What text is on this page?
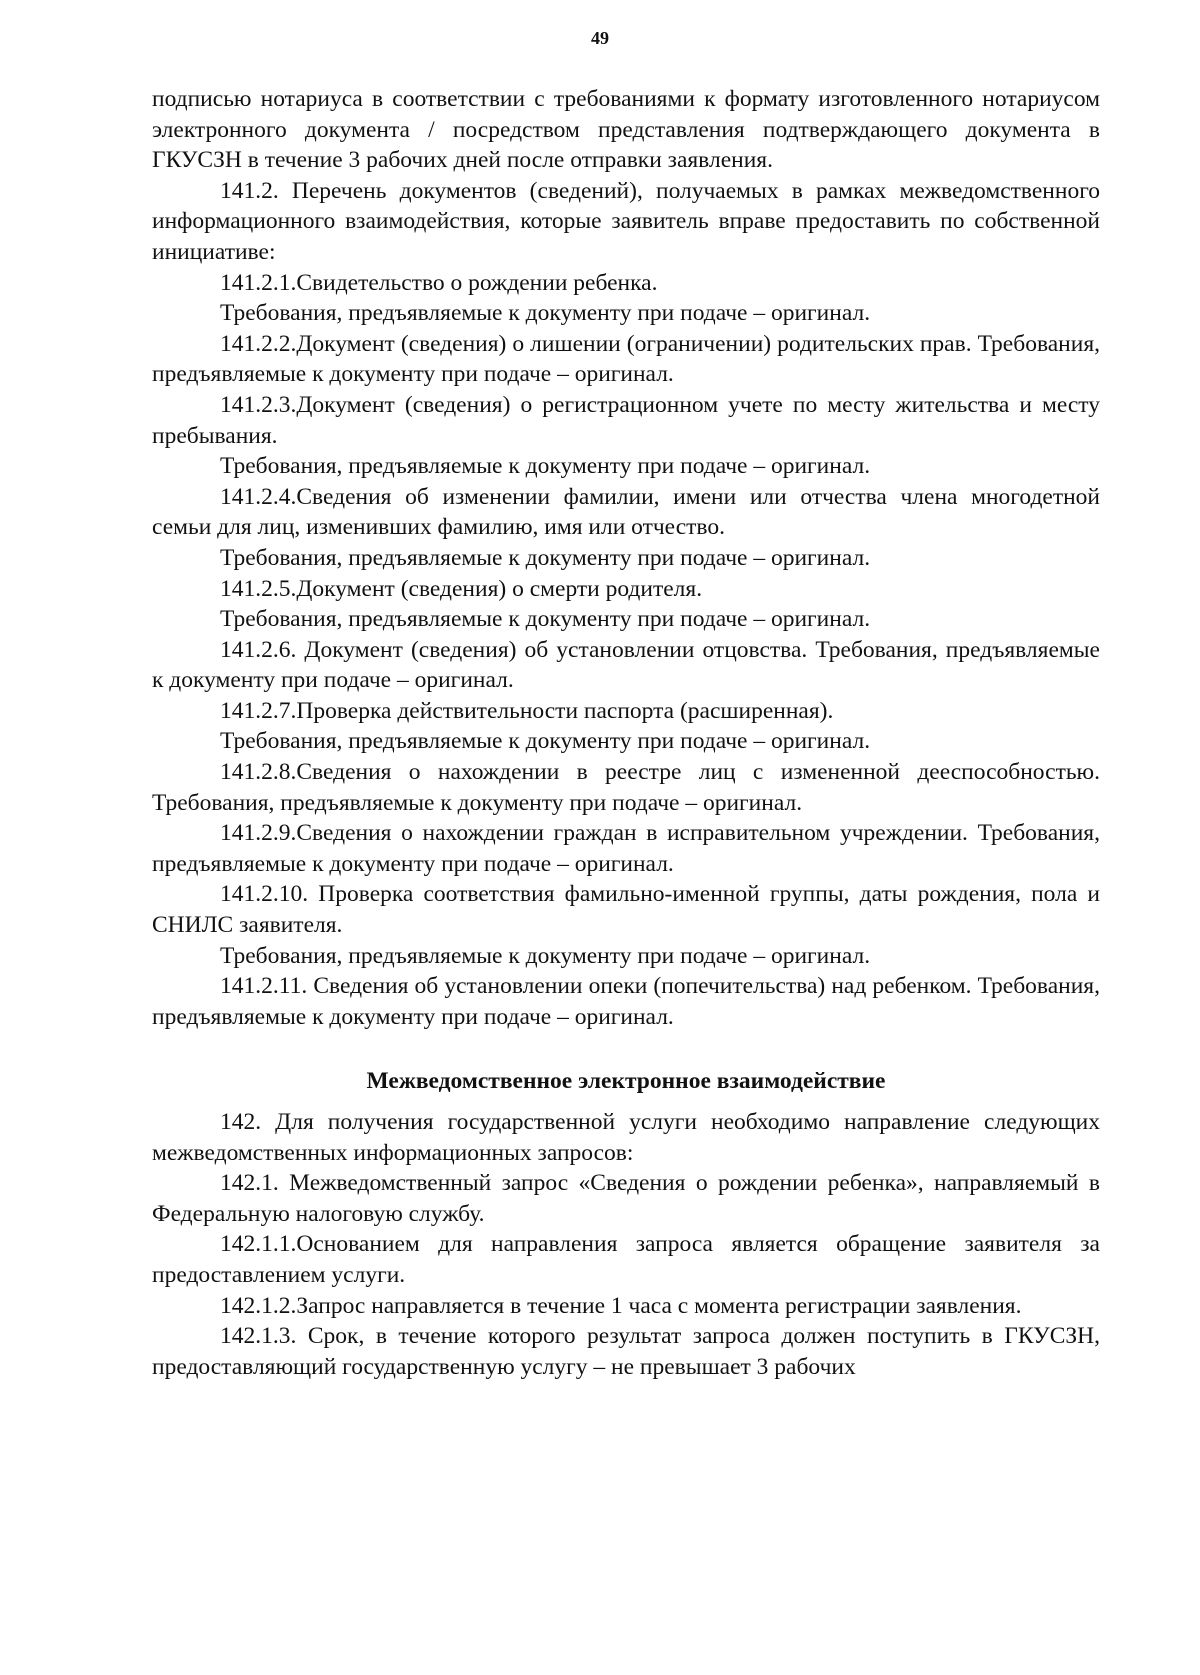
49

подписью нотариуса в соответствии с требованиями к формату изготовленного нотариусом электронного документа / посредством представления подтверждающего документа в ГКУСЗН в течение 3 рабочих дней после отправки заявления.

141.2. Перечень документов (сведений), получаемых в рамках межведомственного информационного взаимодействия, которые заявитель вправе предоставить по собственной инициативе:

141.2.1.Свидетельство о рождении ребенка.

Требования, предъявляемые к документу при подаче – оригинал.

141.2.2.Документ (сведения) о лишении (ограничении) родительских прав. Требования, предъявляемые к документу при подаче – оригинал.

141.2.3.Документ (сведения) о регистрационном учете по месту жительства и месту пребывания.

Требования, предъявляемые к документу при подаче – оригинал.

141.2.4.Сведения об изменении фамилии, имени или отчества члена многодетной семьи для лиц, изменивших фамилию, имя или отчество.

Требования, предъявляемые к документу при подаче – оригинал.

141.2.5.Документ (сведения) о смерти родителя.

Требования, предъявляемые к документу при подаче – оригинал.

141.2.6. Документ (сведения) об установлении отцовства. Требования, предъявляемые к документу при подаче – оригинал.

141.2.7.Проверка действительности паспорта (расширенная).

Требования, предъявляемые к документу при подаче – оригинал.

141.2.8.Сведения о нахождении в реестре лиц с измененной дееспособностью. Требования, предъявляемые к документу при подаче – оригинал.

141.2.9.Сведения о нахождении граждан в исправительном учреждении. Требования, предъявляемые к документу при подаче – оригинал.

141.2.10. Проверка соответствия фамильно-именной группы, даты рождения, пола и СНИЛС заявителя.

Требования, предъявляемые к документу при подаче – оригинал.

141.2.11. Сведения об установлении опеки (попечительства) над ребенком. Требования, предъявляемые к документу при подаче – оригинал.

Межведомственное электронное взаимодействие

142. Для получения государственной услуги необходимо направление следующих межведомственных информационных запросов:

142.1. Межведомственный запрос «Сведения о рождении ребенка», направляемый в Федеральную налоговую службу.

142.1.1.Основанием для направления запроса является обращение заявителя за предоставлением услуги.

142.1.2.Запрос направляется в течение 1 часа с момента регистрации заявления.

142.1.3. Срок, в течение которого результат запроса должен поступить в ГКУСЗН, предоставляющий государственную услугу – не превышает 3 рабочих
